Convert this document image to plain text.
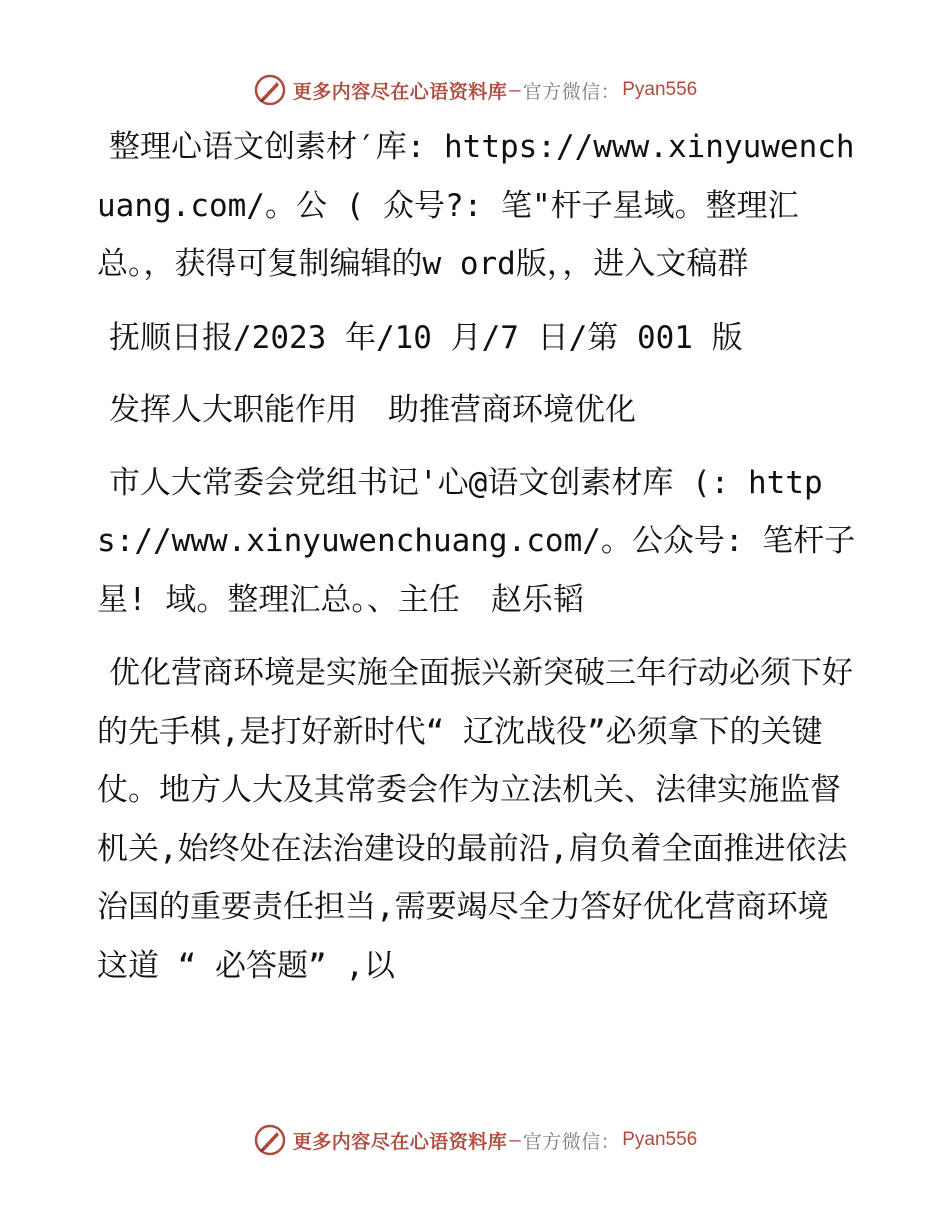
更多内容尽在心语资料库 — 官方微信： Pyan556

整理心语文创素材′库: https://www.xinyuwenchuang.com/。公 ( 众号?: 笔"杆子星域。整理汇总。，获得可复制编辑的w ord版，，进入文稿群

抚顺日报/2023 年/10 月/7 日/第 001 版

发挥人大职能作用　助推营商环境优化

市人大常委会党组书记'心@语文创素材库 (: https://www.xinyuwenchuang.com/。公众号: 笔杆子星! 域。整理汇总。、主任　赵乐韬

优化营商环境是实施全面振兴新突破三年行动必须下好的先手棋,是打好新时代“ 辽沈战役”必须拿下的关键仗。地方人大及其常委会作为立法机关、法律实施监督机关,始终处在法治建设的最前沿,肩负着全面推进依法治国的重要责任担当,需要竭尽全力答好优化营商环境这道 “ 必答题” ,以

更多内容尽在心语资料库 — 官方微信： Pyan556
